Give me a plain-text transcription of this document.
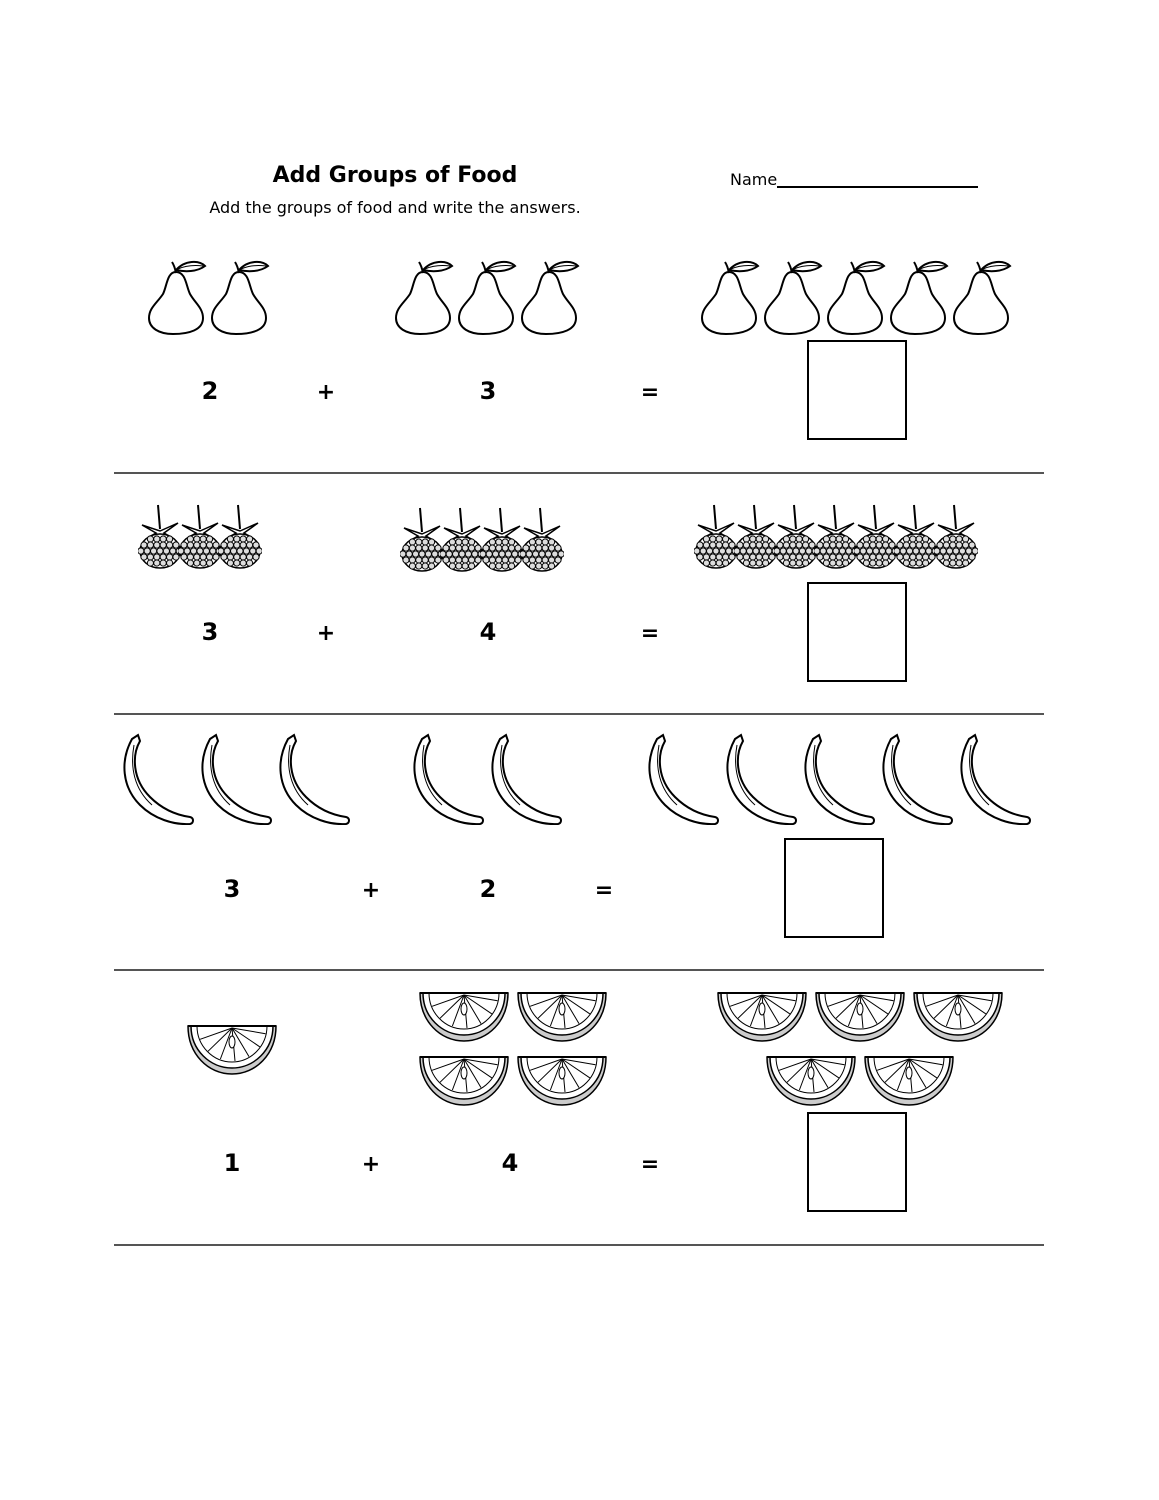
Add Groups of Food
Add the groups of food and write the answers.
Name
2	+	3	=
3	+	4	=
3	+	2	=
1	+	4	=
